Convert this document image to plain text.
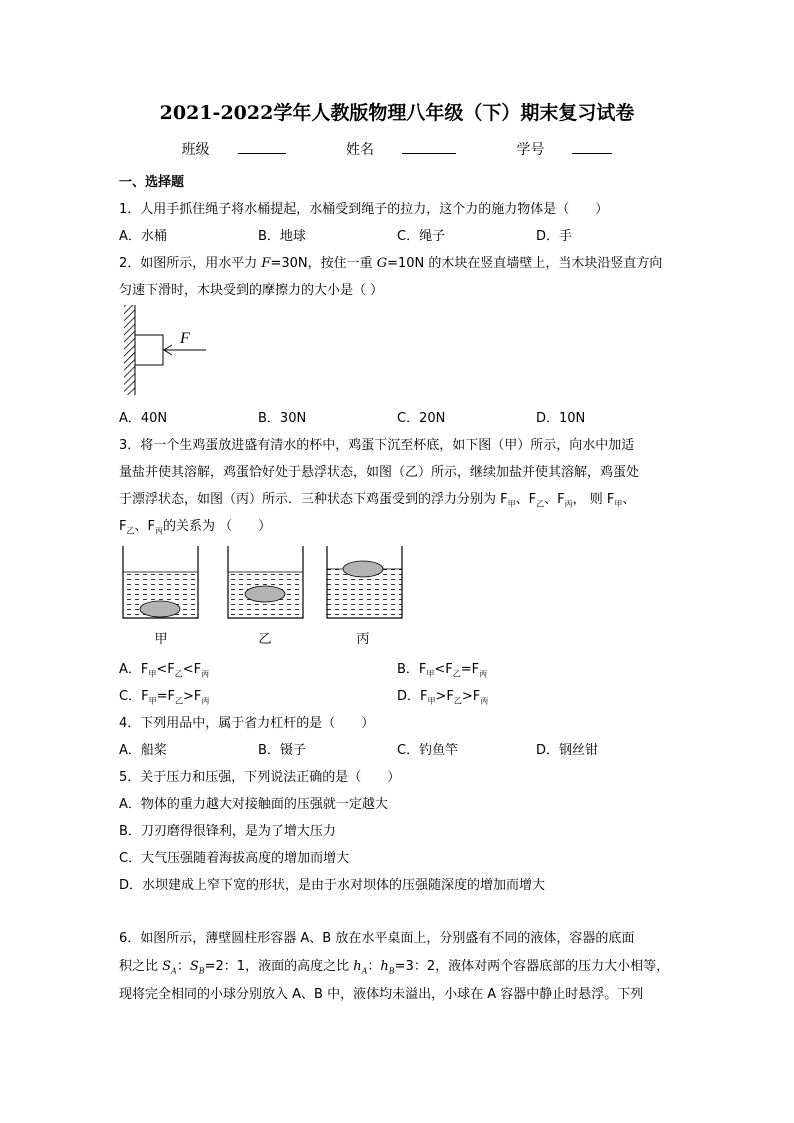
2021-2022学年人教版物理八年级（下）期末复习试卷
班级	姓名	学号
一、选择题
1．人用手抓住绳子将水桶提起，水桶受到绳子的拉力，这个力的施力物体是（　　）
A．水桶	B．地球	C．绳子	D．手
2．如图所示，用水平力 F=30N，按住一重 G=10N 的木块在竖直墙壁上，当木块沿竖直方向
匀速下滑时，木块受到的摩擦力的大小是（ ）
F
A．40N	B．30N	C．20N	D．10N
3．将一个生鸡蛋放进盛有清水的杯中，鸡蛋下沉至杯底，如下图（甲）所示，向水中加适
量盐并使其溶解，鸡蛋恰好处于悬浮状态，如图（乙）所示，继续加盐并使其溶解，鸡蛋处
于漂浮状态，如图（丙）所示．三种状态下鸡蛋受到的浮力分别为 $F_甲$、$F_乙$、$F_丙$， 则 $F_甲$、
$F_乙$、$F_丙$的关系为 （　　）
甲	乙	丙
A．$F_甲<F_乙<F_丙$	B．$F_甲<F_乙=F_丙$
C．$F_甲=F_乙>F_丙$	D．$F_甲>F_乙>F_丙$
4．下列用品中，属于省力杠杆的是（　　）
A．船桨	B．镊子	C．钓鱼竿	D．钢丝钳
5．关于压力和压强，下列说法正确的是（　　）
A．物体的重力越大对接触面的压强就一定越大
B．刀刃磨得很锋利，是为了增大压力
C．大气压强随着海拔高度的增加而增大
D．水坝建成上窄下宽的形状，是由于水对坝体的压强随深度的增加而增大
6．如图所示，薄壁圆柱形容器 A、B 放在水平桌面上，分别盛有不同的液体，容器的底面
积之比 $S_A$：$S_B=2$：1，液面的高度之比 $h_A$：$h_B=3$：2，液体对两个容器底部的压力大小相等，
现将完全相同的小球分别放入 A、B 中，液体均未溢出，小球在 A 容器中静止时悬浮。下列
